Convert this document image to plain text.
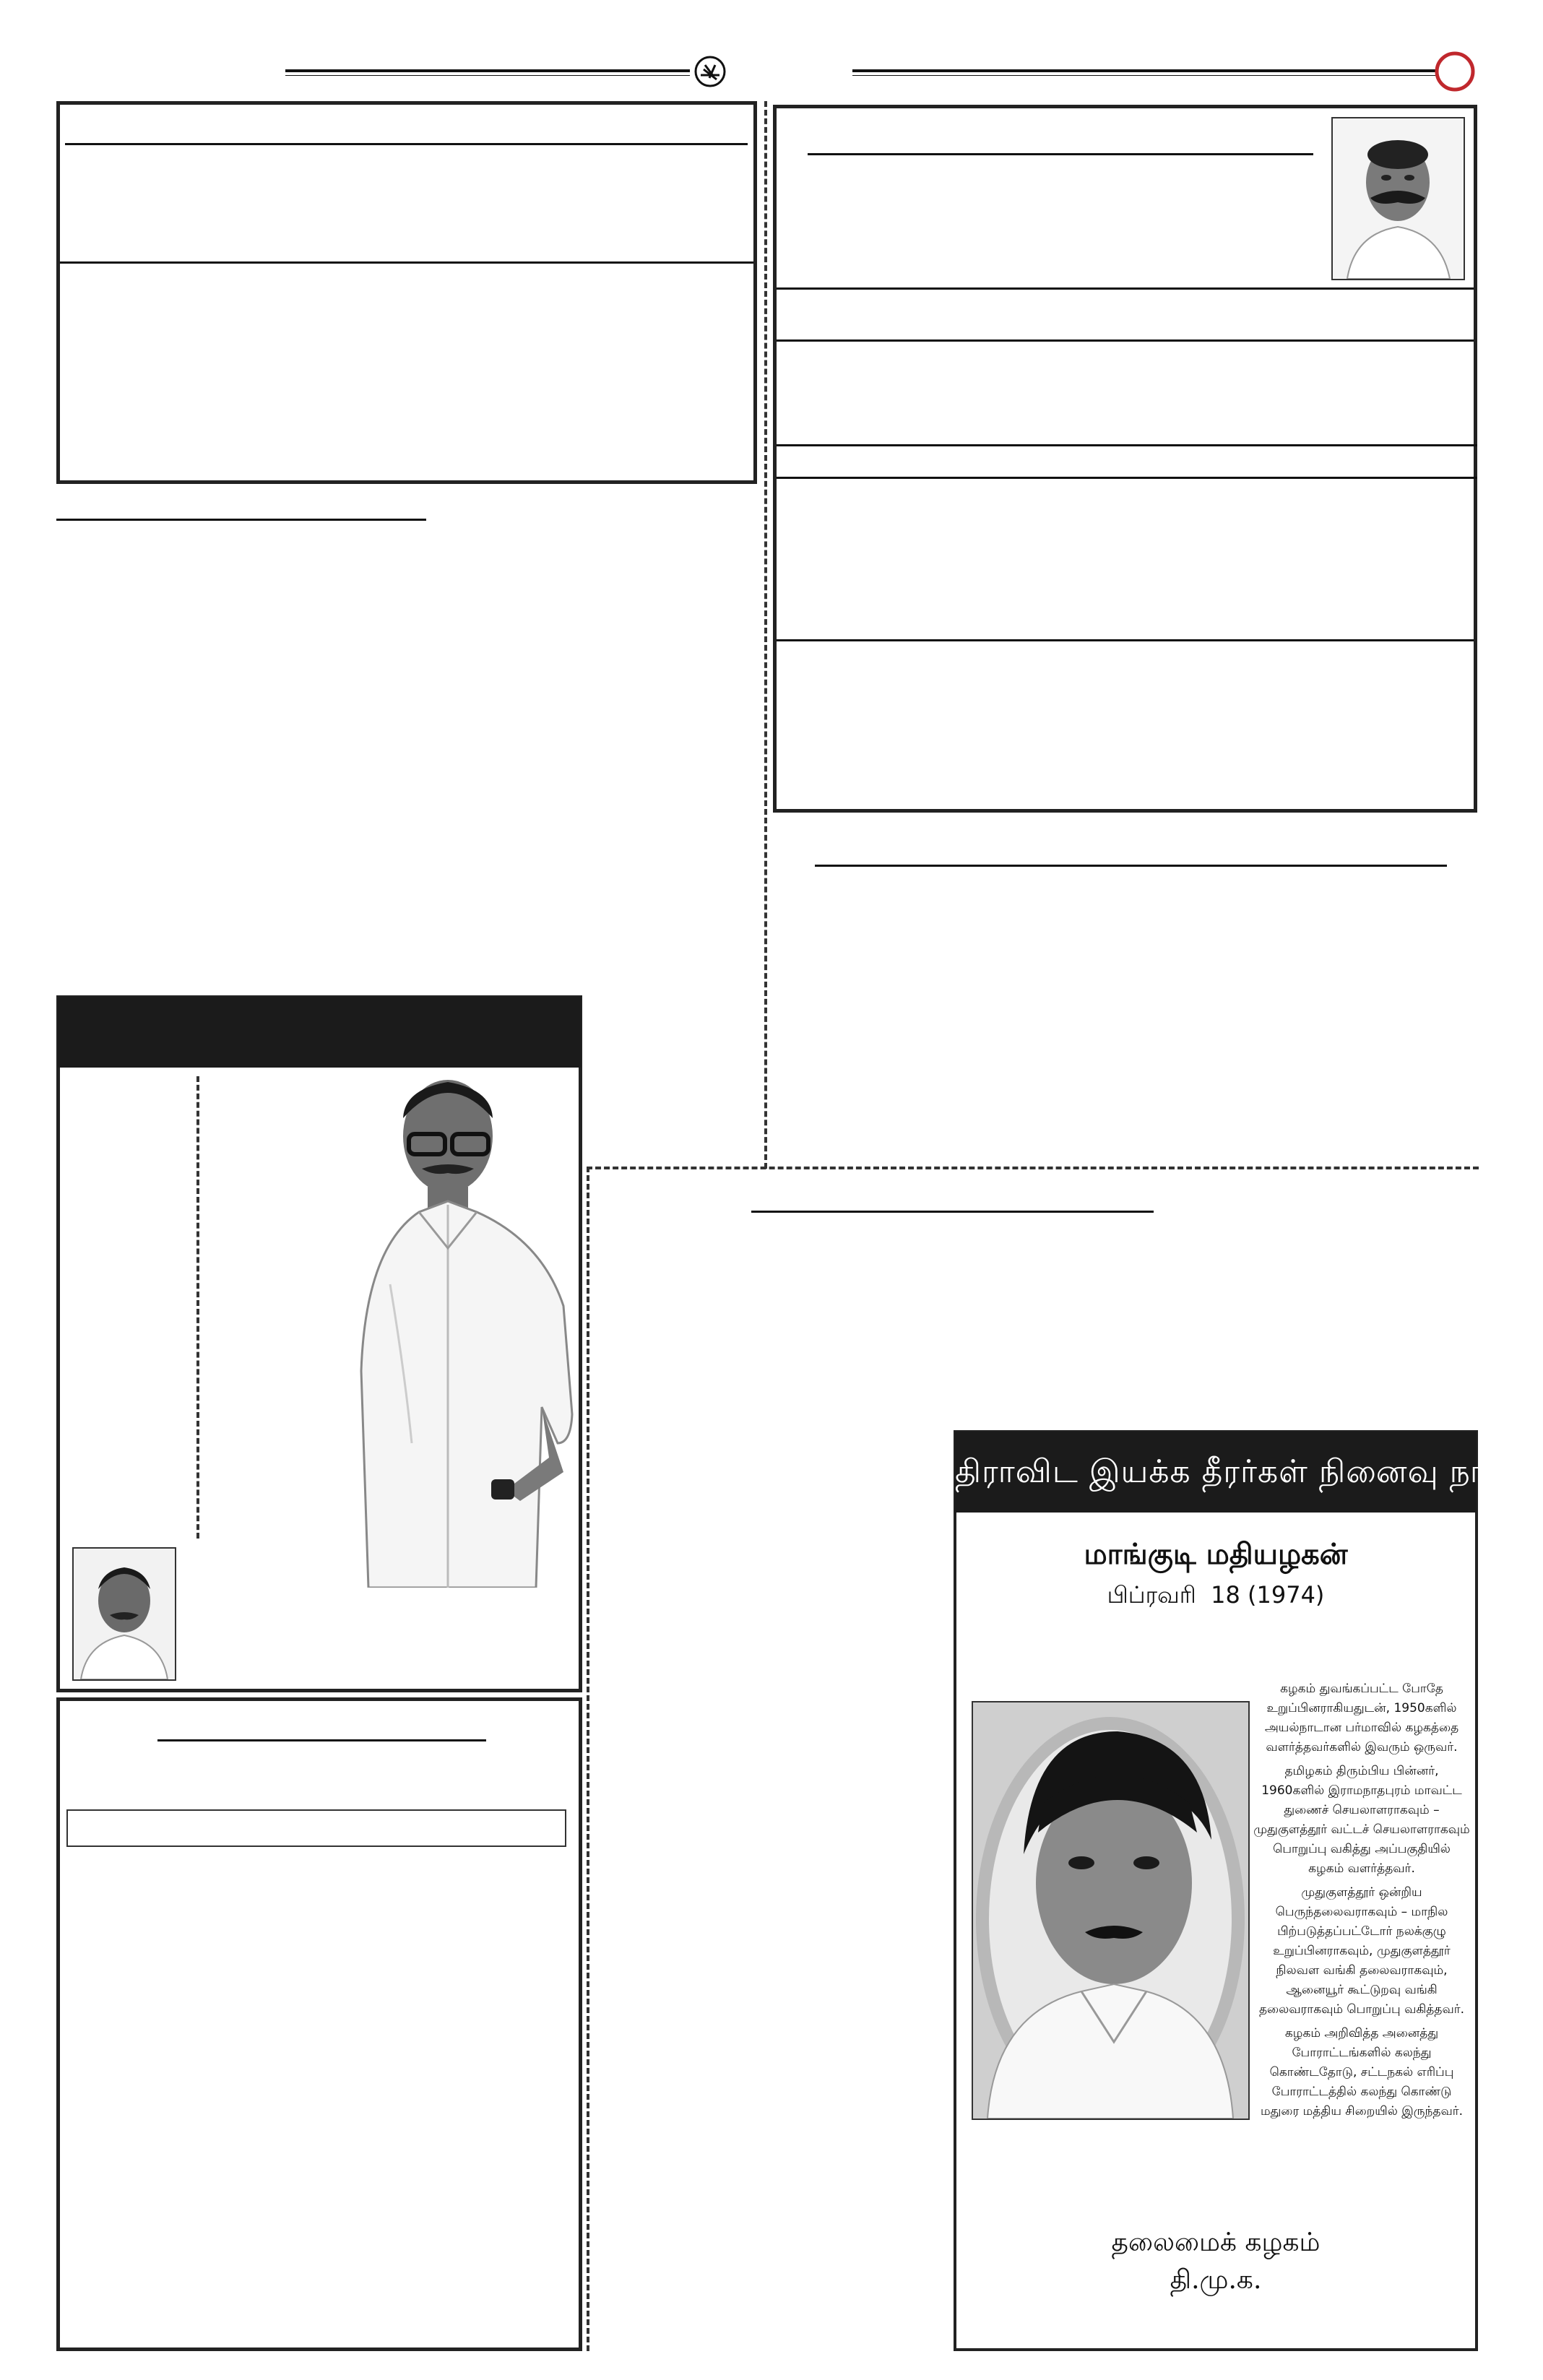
திராவிட இயக்க தீரர்கள் நினைவு நாள்
மாங்குடி மதியழகன்
பிப்ரவரி  18 (1974)

கழகம் துவங்கப்பட்ட போதே உறுப்பினராகியதுடன், 1950களில் அயல்நாடான பர்மாவில் கழகத்தை வளர்த்தவர்களில் இவரும் ஒருவர்.

தமிழகம் திரும்பிய பின்னர், 1960களில் இராமநாதபுரம் மாவட்ட துணைச் செயலாளராகவும் – முதுகுளத்தூர் வட்டச் செயலாளராகவும் பொறுப்பு வகித்து அப்பகுதியில் கழகம் வளர்த்தவர்.

முதுகுளத்தூர் ஒன்றிய பெருந்தலைவராகவும் – மாநில பிற்படுத்தப்பட்டோர் நலக்குழு உறுப்பினராகவும், முதுகுளத்தூர் நிலவள வங்கி தலைவராகவும், ஆனையூர் கூட்டுறவு வங்கி தலைவராகவும் பொறுப்பு வகித்தவர்.

கழகம் அறிவித்த அனைத்து போராட்டங்களில் கலந்து கொண்டதோடு, சட்டநகல் எரிப்பு போராட்டத்தில் கலந்து கொண்டு மதுரை மத்திய சிறையில் இருந்தவர்.

தலைமைக் கழகம்
தி.மு.க.
